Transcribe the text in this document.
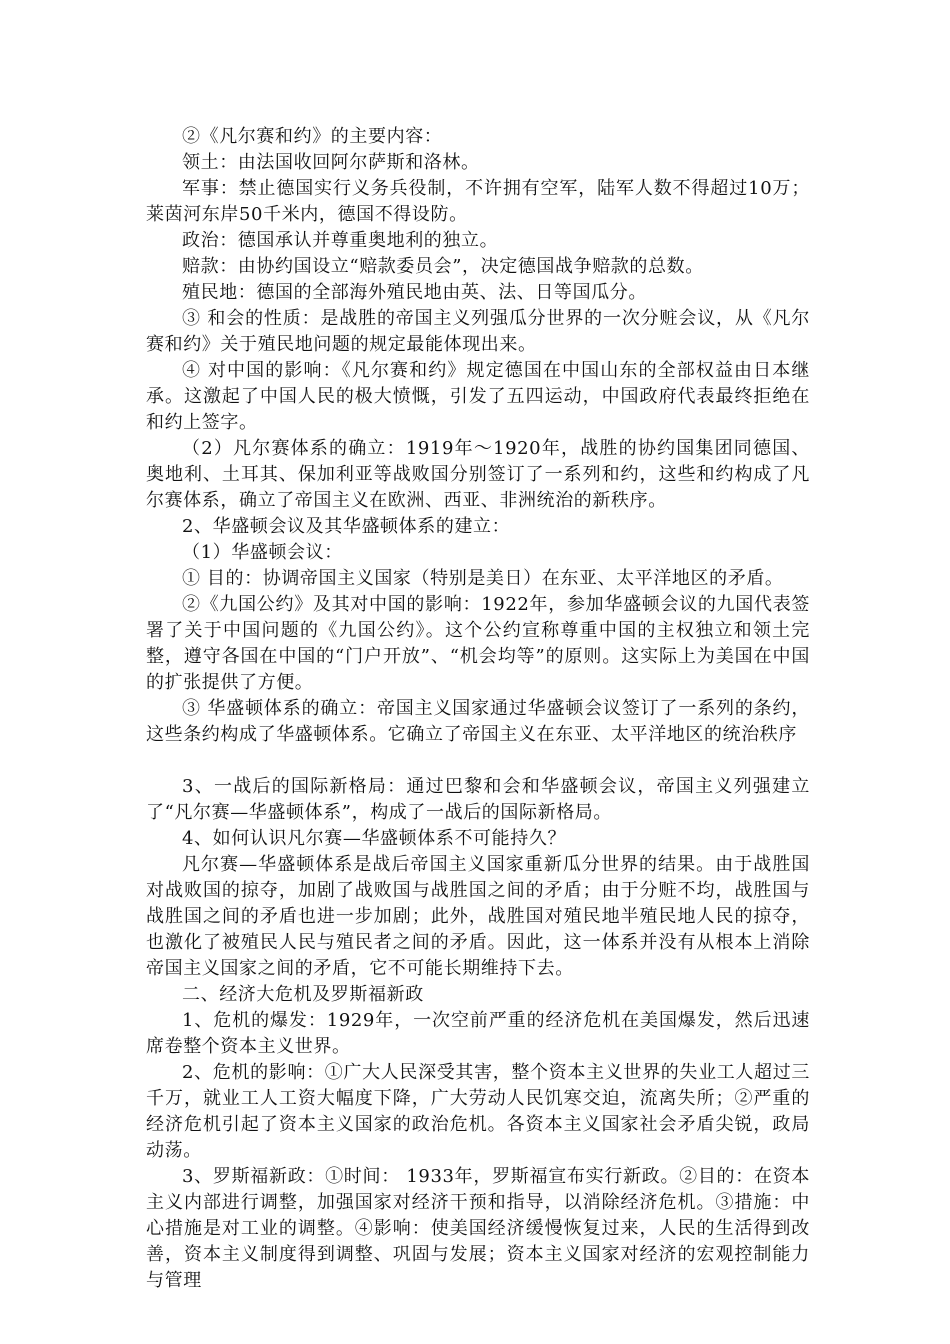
②《凡尔赛和约》的主要内容：

领土：由法国收回阿尔萨斯和洛林。

军事：禁止德国实行义务兵役制，不许拥有空军，陆军人数不得超过10万；莱茵河东岸50千米内，德国不得设防。

政治：德国承认并尊重奥地利的独立。

赔款：由协约国设立“赔款委员会”，决定德国战争赔款的总数。

殖民地：德国的全部海外殖民地由英、法、日等国瓜分。

③ 和会的性质：是战胜的帝国主义列强瓜分世界的一次分赃会议，从《凡尔赛和约》关于殖民地问题的规定最能体现出来。

④ 对中国的影响：《凡尔赛和约》规定德国在中国山东的全部权益由日本继承。这激起了中国人民的极大愤慨，引发了五四运动，中国政府代表最终拒绝在和约上签字。

（2）凡尔赛体系的确立：1919年～1920年，战胜的协约国集团同德国、奥地利、土耳其、保加利亚等战败国分别签订了一系列和约，这些和约构成了凡尔赛体系，确立了帝国主义在欧洲、西亚、非洲统治的新秩序。

2、华盛顿会议及其华盛顿体系的建立：

（1）华盛顿会议：

① 目的：协调帝国主义国家（特别是美日）在东亚、太平洋地区的矛盾。

②《九国公约》及其对中国的影响：1922年，参加华盛顿会议的九国代表签署了关于中国问题的《九国公约》。这个公约宣称尊重中国的主权独立和领土完整，遵守各国在中国的“门户开放”、“机会均等”的原则。这实际上为美国在中国的扩张提供了方便。

③ 华盛顿体系的确立：帝国主义国家通过华盛顿会议签订了一系列的条约，这些条约构成了华盛顿体系。它确立了帝国主义在东亚、太平洋地区的统治秩序

3、一战后的国际新格局：通过巴黎和会和华盛顿会议，帝国主义列强建立了“凡尔赛—华盛顿体系”，构成了一战后的国际新格局。

4、如何认识凡尔赛—华盛顿体系不可能持久？

凡尔赛—华盛顿体系是战后帝国主义国家重新瓜分世界的结果。由于战胜国对战败国的掠夺，加剧了战败国与战胜国之间的矛盾；由于分赃不均，战胜国与战胜国之间的矛盾也进一步加剧；此外，战胜国对殖民地半殖民地人民的掠夺，也激化了被殖民人民与殖民者之间的矛盾。因此，这一体系并没有从根本上消除帝国主义国家之间的矛盾，它不可能长期维持下去。

二、经济大危机及罗斯福新政

1、危机的爆发：1929年，一次空前严重的经济危机在美国爆发，然后迅速席卷整个资本主义世界。

2、危机的影响：①广大人民深受其害，整个资本主义世界的失业工人超过三千万，就业工人工资大幅度下降，广大劳动人民饥寒交迫，流离失所；②严重的经济危机引起了资本主义国家的政治危机。各资本主义国家社会矛盾尖锐，政局动荡。

3、罗斯福新政：①时间： 1933年，罗斯福宣布实行新政。②目的：在资本主义内部进行调整，加强国家对经济干预和指导，以消除经济危机。③措施：中心措施是对工业的调整。④影响：使美国经济缓慢恢复过来，人民的生活得到改善，资本主义制度得到调整、巩固与发展；资本主义国家对经济的宏观控制能力与管理
